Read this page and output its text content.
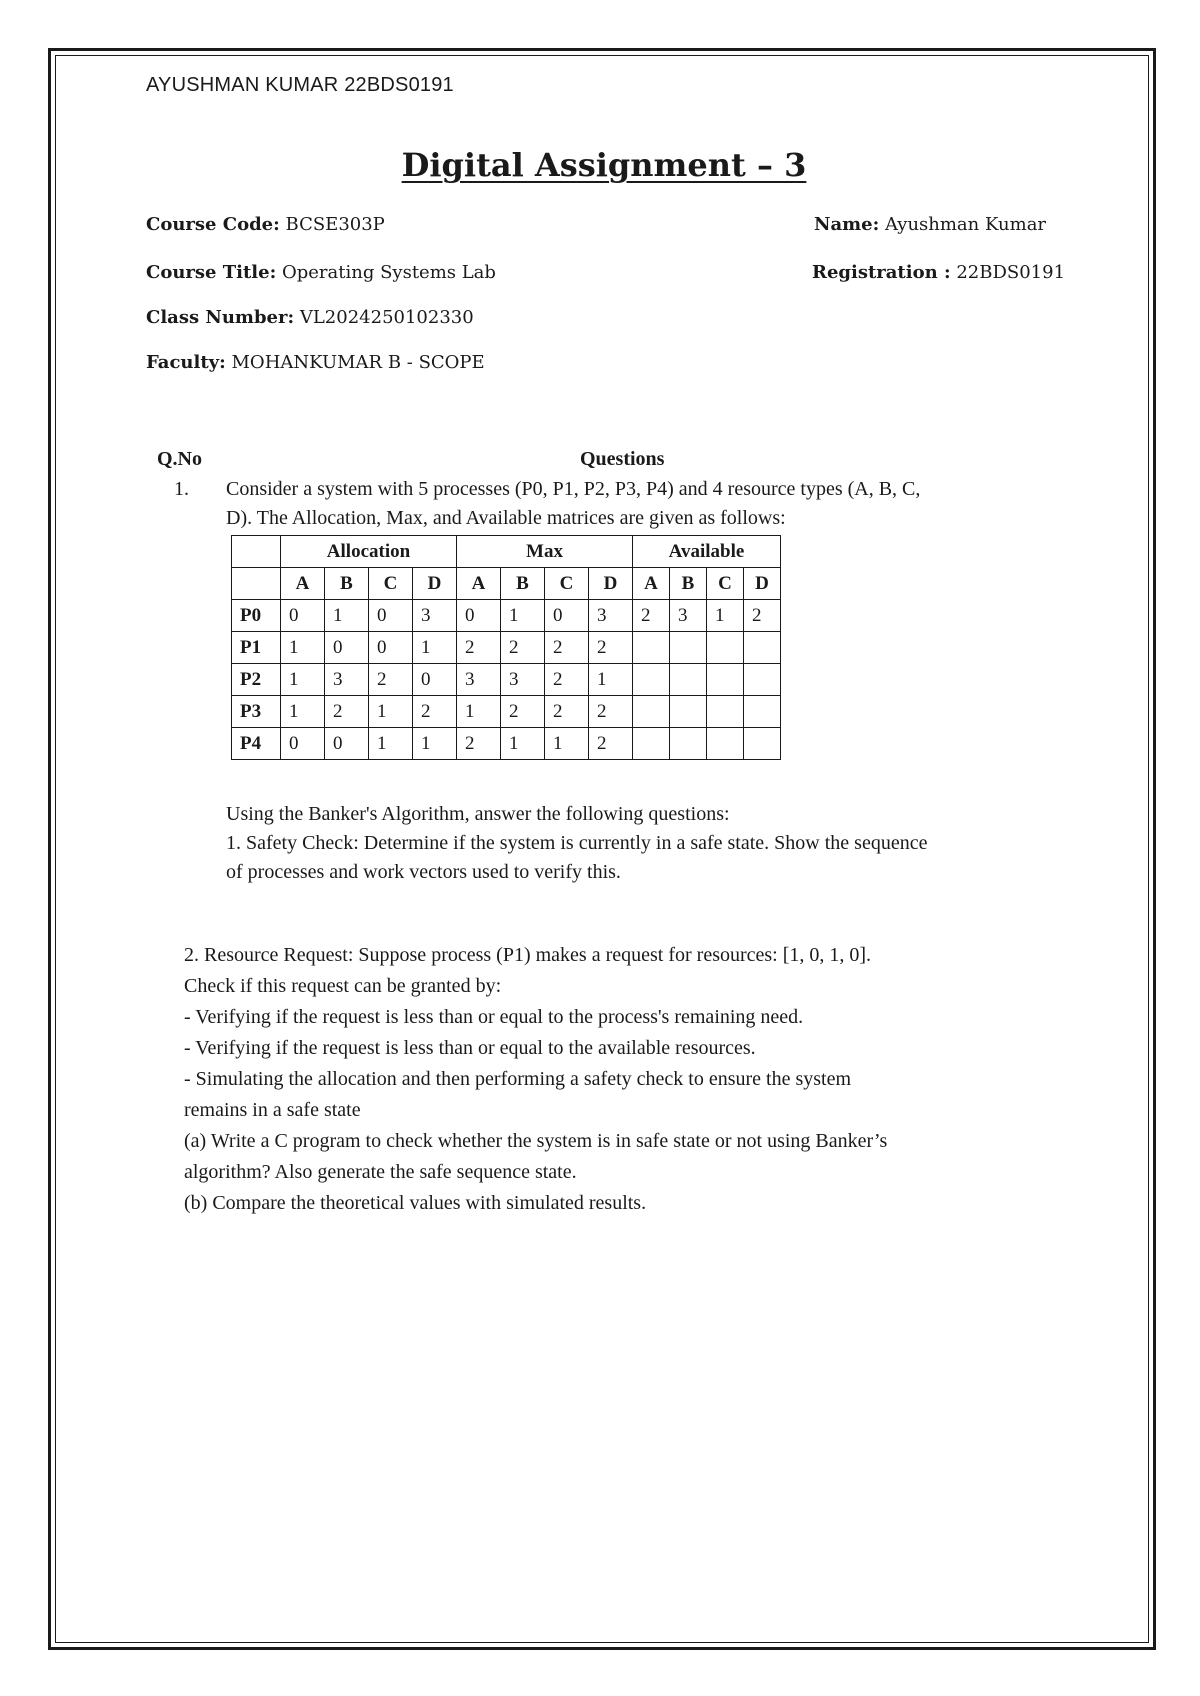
AYUSHMAN KUMAR 22BDS0191
Digital Assignment – 3
Course Code: BCSE303P	Name: Ayushman Kumar
Course Title: Operating Systems Lab	Registration : 22BDS0191
Class Number: VL2024250102330
Faculty: MOHANKUMAR B - SCOPE
Q.No	Questions
1. Consider a system with 5 processes (P0, P1, P2, P3, P4) and 4 resource types (A, B, C,
D). The Allocation, Max, and Available matrices are given as follows:
	Allocation				Max				Available			
	A	B	C	D	A	B	C	D	A	B	C	D
P0	0	1	0	3	0	1	0	3	2	3	1	2
P1	1	0	0	1	2	2	2	2				
P2	1	3	2	0	3	3	2	1				
P3	1	2	1	2	1	2	2	2				
P4	0	0	1	1	2	1	1	2				
Using the Banker's Algorithm, answer the following questions:
1. Safety Check: Determine if the system is currently in a safe state. Show the sequence
of processes and work vectors used to verify this.
2. Resource Request: Suppose process (P1) makes a request for resources: [1, 0, 1, 0].
Check if this request can be granted by:
- Verifying if the request is less than or equal to the process's remaining need.
- Verifying if the request is less than or equal to the available resources.
- Simulating the allocation and then performing a safety check to ensure the system
remains in a safe state
(a) Write a C program to check whether the system is in safe state or not using Banker’s
algorithm? Also generate the safe sequence state.
(b) Compare the theoretical values with simulated results.
